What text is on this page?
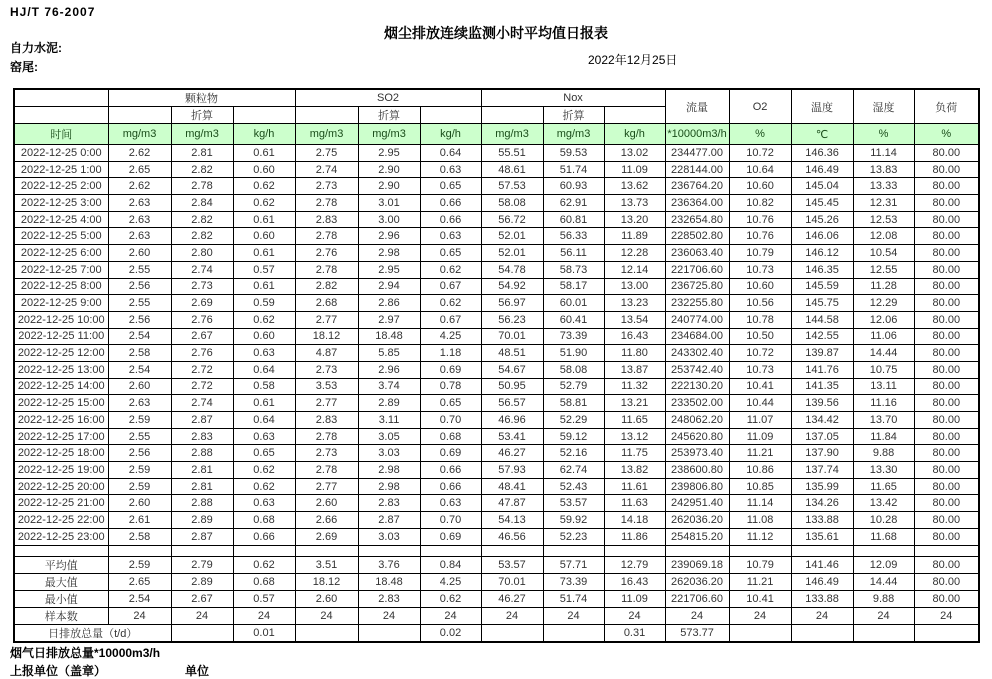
HJ/T 76-2007
烟尘排放连续监测小时平均值日报表
自力水泥:
窑尾:	2022年12月25日
	颗粒物			SO2			Nox			流量	O2	温度	湿度	负荷
		折算			折算			折算						
时间	mg/m3	mg/m3	kg/h	mg/m3	mg/m3	kg/h	mg/m3	mg/m3	kg/h	*10000m3/h	%	℃	%	%
2022-12-25 0:00	2.62	2.81	0.61	2.75	2.95	0.64	55.51	59.53	13.02	234477.00	10.72	146.36	11.14	80.00
2022-12-25 1:00	2.65	2.82	0.60	2.74	2.90	0.63	48.61	51.74	11.09	228144.00	10.64	146.49	13.83	80.00
2022-12-25 2:00	2.62	2.78	0.62	2.73	2.90	0.65	57.53	60.93	13.62	236764.20	10.60	145.04	13.33	80.00
2022-12-25 3:00	2.63	2.84	0.62	2.78	3.01	0.66	58.08	62.91	13.73	236364.00	10.82	145.45	12.31	80.00
2022-12-25 4:00	2.63	2.82	0.61	2.83	3.00	0.66	56.72	60.81	13.20	232654.80	10.76	145.26	12.53	80.00
2022-12-25 5:00	2.63	2.82	0.60	2.78	2.96	0.63	52.01	56.33	11.89	228502.80	10.76	146.06	12.08	80.00
2022-12-25 6:00	2.60	2.80	0.61	2.76	2.98	0.65	52.01	56.11	12.28	236063.40	10.79	146.12	10.54	80.00
2022-12-25 7:00	2.55	2.74	0.57	2.78	2.95	0.62	54.78	58.73	12.14	221706.60	10.73	146.35	12.55	80.00
2022-12-25 8:00	2.56	2.73	0.61	2.82	2.94	0.67	54.92	58.17	13.00	236725.80	10.60	145.59	11.28	80.00
2022-12-25 9:00	2.55	2.69	0.59	2.68	2.86	0.62	56.97	60.01	13.23	232255.80	10.56	145.75	12.29	80.00
2022-12-25 10:00	2.56	2.76	0.62	2.77	2.97	0.67	56.23	60.41	13.54	240774.00	10.78	144.58	12.06	80.00
2022-12-25 11:00	2.54	2.67	0.60	18.12	18.48	4.25	70.01	73.39	16.43	234684.00	10.50	142.55	11.06	80.00
2022-12-25 12:00	2.58	2.76	0.63	4.87	5.85	1.18	48.51	51.90	11.80	243302.40	10.72	139.87	14.44	80.00
2022-12-25 13:00	2.54	2.72	0.64	2.73	2.96	0.69	54.67	58.08	13.87	253742.40	10.73	141.76	10.75	80.00
2022-12-25 14:00	2.60	2.72	0.58	3.53	3.74	0.78	50.95	52.79	11.32	222130.20	10.41	141.35	13.11	80.00
2022-12-25 15:00	2.63	2.74	0.61	2.77	2.89	0.65	56.57	58.81	13.21	233502.00	10.44	139.56	11.16	80.00
2022-12-25 16:00	2.59	2.87	0.64	2.83	3.11	0.70	46.96	52.29	11.65	248062.20	11.07	134.42	13.70	80.00
2022-12-25 17:00	2.55	2.83	0.63	2.78	3.05	0.68	53.41	59.12	13.12	245620.80	11.09	137.05	11.84	80.00
2022-12-25 18:00	2.56	2.88	0.65	2.73	3.03	0.69	46.27	52.16	11.75	253973.40	11.21	137.90	9.88	80.00
2022-12-25 19:00	2.59	2.81	0.62	2.78	2.98	0.66	57.93	62.74	13.82	238600.80	10.86	137.74	13.30	80.00
2022-12-25 20:00	2.59	2.81	0.62	2.77	2.98	0.66	48.41	52.43	11.61	239806.80	10.85	135.99	11.65	80.00
2022-12-25 21:00	2.60	2.88	0.63	2.60	2.83	0.63	47.87	53.57	11.63	242951.40	11.14	134.26	13.42	80.00
2022-12-25 22:00	2.61	2.89	0.68	2.66	2.87	0.70	54.13	59.92	14.18	262036.20	11.08	133.88	10.28	80.00
2022-12-25 23:00	2.58	2.87	0.66	2.69	3.03	0.69	46.56	52.23	11.86	254815.20	11.12	135.61	11.68	80.00

平均值	2.59	2.79	0.62	3.51	3.76	0.84	53.57	57.71	12.79	239069.18	10.79	141.46	12.09	80.00
最大值	2.65	2.89	0.68	18.12	18.48	4.25	70.01	73.39	16.43	262036.20	11.21	146.49	14.44	80.00
最小值	2.54	2.67	0.57	2.60	2.83	0.62	46.27	51.74	11.09	221706.60	10.41	133.88	9.88	80.00
样本数	24	24	24	24	24	24	24	24	24	24	24	24	24	24
日排放总量（t/d）			0.01			0.02			0.31	573.77				
烟气日排放总量*10000m3/h
上报单位（盖章）	单位
